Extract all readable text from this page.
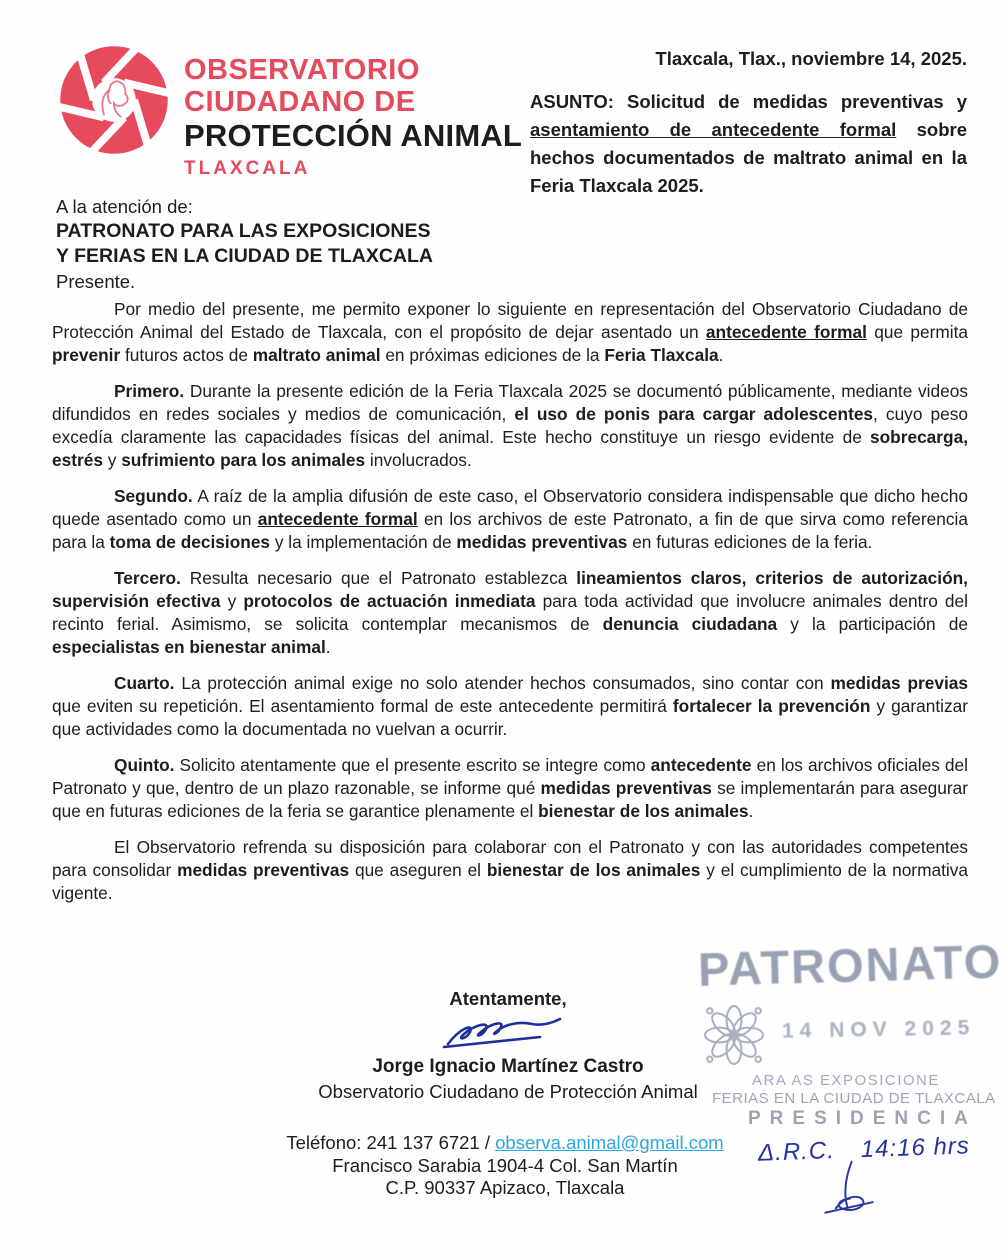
OBSERVATORIO
CIUDADANO DE
PROTECCIÓN ANIMAL
TLAXCALA
Tlaxcala, Tlax., noviembre 14, 2025.

ASUNTO: Solicitud de medidas preventivas y asentamiento de antecedente formal sobre hechos documentados de maltrato animal en la Feria Tlaxcala 2025.

A la atención de:
PATRONATO PARA LAS EXPOSICIONES
Y FERIAS EN LA CIUDAD DE TLAXCALA
Presente.

Por medio del presente, me permito exponer lo siguiente en representación del Observatorio Ciudadano de Protección Animal del Estado de Tlaxcala, con el propósito de dejar asentado un antecedente formal que permita prevenir futuros actos de maltrato animal en próximas ediciones de la Feria Tlaxcala.

Primero. Durante la presente edición de la Feria Tlaxcala 2025 se documentó públicamente, mediante videos difundidos en redes sociales y medios de comunicación, el uso de ponis para cargar adolescentes, cuyo peso excedía claramente las capacidades físicas del animal. Este hecho constituye un riesgo evidente de sobrecarga, estrés y sufrimiento para los animales involucrados.

Segundo. A raíz de la amplia difusión de este caso, el Observatorio considera indispensable que dicho hecho quede asentado como un antecedente formal en los archivos de este Patronato, a fin de que sirva como referencia para la toma de decisiones y la implementación de medidas preventivas en futuras ediciones de la feria.

Tercero. Resulta necesario que el Patronato establezca lineamientos claros, criterios de autorización, supervisión efectiva y protocolos de actuación inmediata para toda actividad que involucre animales dentro del recinto ferial. Asimismo, se solicita contemplar mecanismos de denuncia ciudadana y la participación de especialistas en bienestar animal.

Cuarto. La protección animal exige no solo atender hechos consumados, sino contar con medidas previas que eviten su repetición. El asentamiento formal de este antecedente permitirá fortalecer la prevención y garantizar que actividades como la documentada no vuelvan a ocurrir.

Quinto. Solicito atentamente que el presente escrito se integre como antecedente en los archivos oficiales del Patronato y que, dentro de un plazo razonable, se informe qué medidas preventivas se implementarán para asegurar que en futuras ediciones de la feria se garantice plenamente el bienestar de los animales.

El Observatorio refrenda su disposición para colaborar con el Patronato y con las autoridades competentes para consolidar medidas preventivas que aseguren el bienestar de los animales y el cumplimiento de la normativa vigente.

Atentamente,
Jorge Ignacio Martínez Castro
Observatorio Ciudadano de Protección Animal
Teléfono: 241 137 6721 / observa.animal@gmail.com
Francisco Sarabia 1904-4 Col. San Martín
C.P. 90337 Apizaco, Tlaxcala
PATRONATO
14 NOV 2025
ARA AS EXPOSICIONE
FERIAS EN LA CIUDAD DE TLAXCALA
PRESIDENCIA
Δ.R.C. 14:16 hrs
